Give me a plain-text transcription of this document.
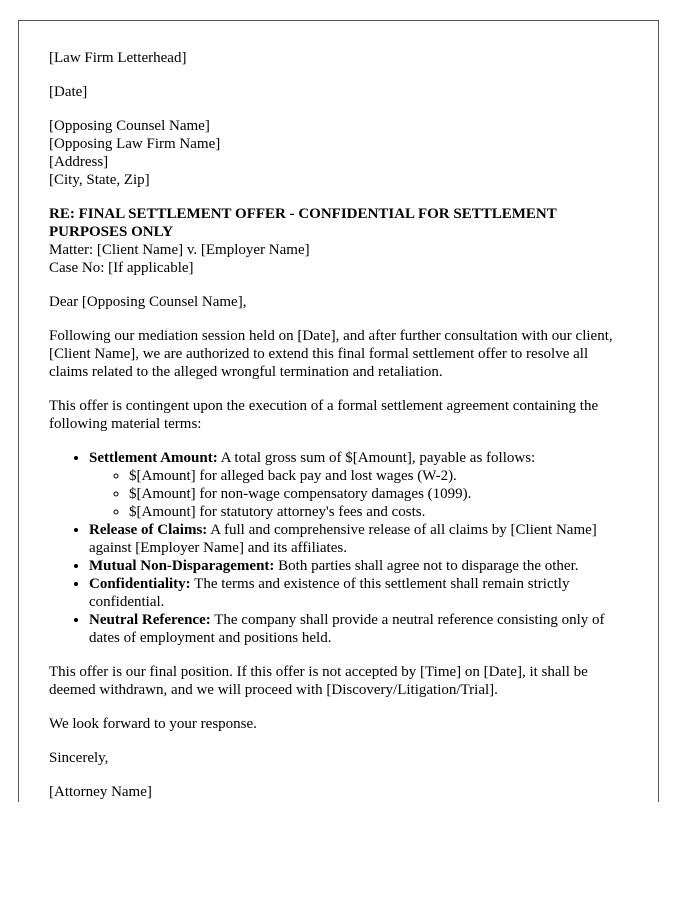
[Law Firm Letterhead]

[Date]

[Opposing Counsel Name]
[Opposing Law Firm Name]
[Address]
[City, State, Zip]
RE: FINAL SETTLEMENT OFFER - CONFIDENTIAL FOR SETTLEMENT PURPOSES ONLY
Matter: [Client Name] v. [Employer Name]
Case No: [If applicable]

Dear [Opposing Counsel Name],

Following our mediation session held on [Date], and after further consultation with our client, [Client Name], we are authorized to extend this final formal settlement offer to resolve all claims related to the alleged wrongful termination and retaliation.

This offer is contingent upon the execution of a formal settlement agreement containing the following material terms:

• Settlement Amount: A total gross sum of $[Amount], payable as follows:
◦ $[Amount] for alleged back pay and lost wages (W-2).
◦ $[Amount] for non-wage compensatory damages (1099).
◦ $[Amount] for statutory attorney's fees and costs.
• Release of Claims: A full and comprehensive release of all claims by [Client Name] against [Employer Name] and its affiliates.
• Mutual Non-Disparagement: Both parties shall agree not to disparage the other.
• Confidentiality: The terms and existence of this settlement shall remain strictly confidential.
• Neutral Reference: The company shall provide a neutral reference consisting only of dates of employment and positions held.

This offer is our final position. If this offer is not accepted by [Time] on [Date], it shall be deemed withdrawn, and we will proceed with [Discovery/Litigation/Trial].

We look forward to your response.

Sincerely,

[Attorney Name]
